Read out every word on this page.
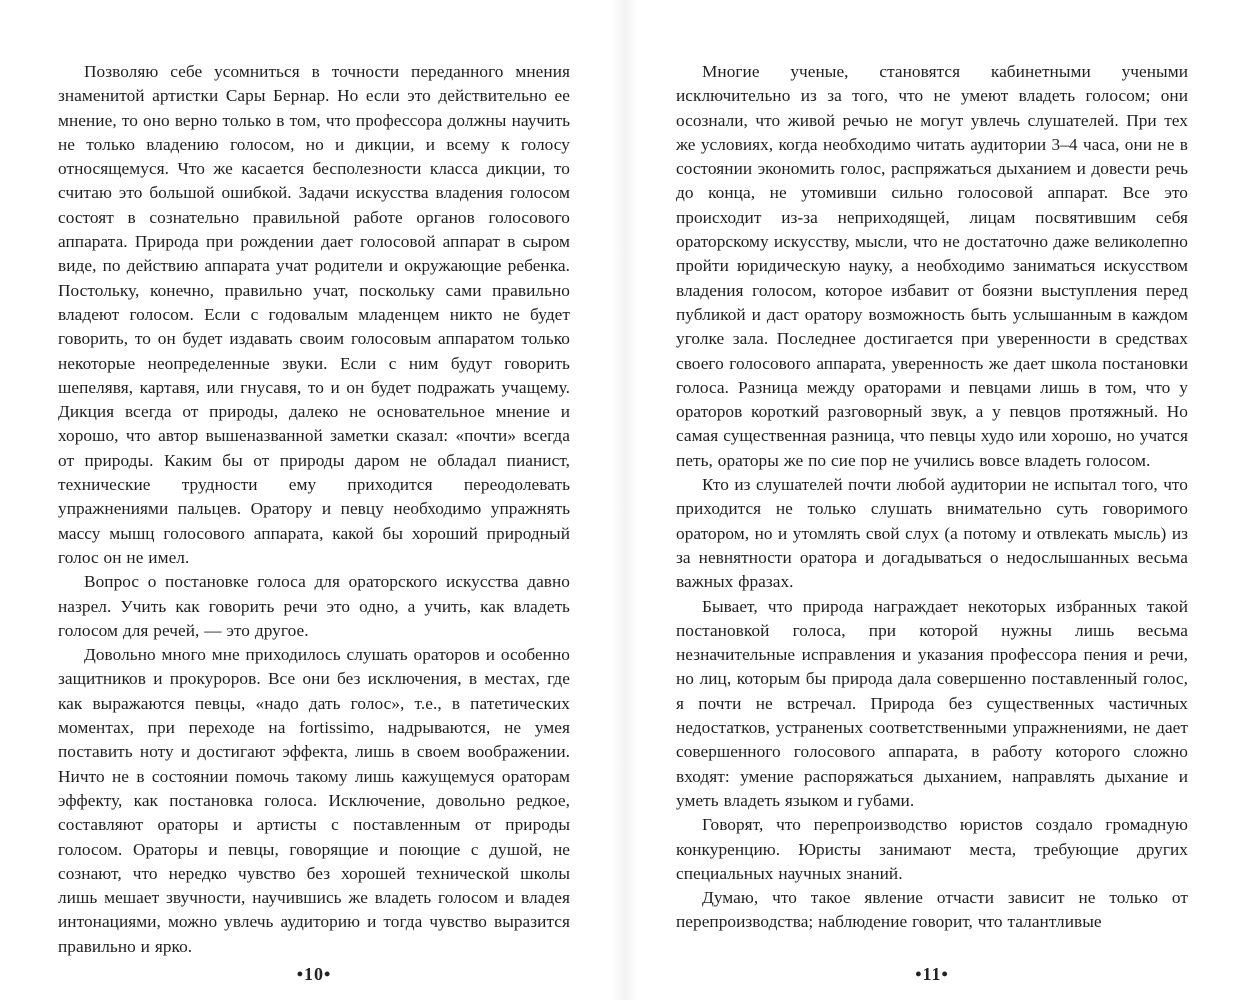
Позволяю себе усомниться в точности переданного мнения знаменитой артистки Сары Бернар. Но если это действительно ее мнение, то оно верно только в том, что профессора должны научить не только владению голосом, но и дикции, и всему к голосу относящемуся. Что же касается бесполезности класса дикции, то считаю это большой ошибкой. Задачи искусства владения голосом состоят в сознательно правильной работе органов голосового аппарата. Природа при рождении дает голосовой аппарат в сыром виде, по действию аппарата учат родители и окружающие ребенка. Постольку, конечно, правильно учат, поскольку сами правильно владеют голосом. Если с годовалым младенцем никто не будет говорить, то он будет издавать своим голосовым аппаратом только некоторые неопределенные звуки. Если с ним будут говорить шепелявя, картавя, или гнусавя, то и он будет подражать учащему. Дикция всегда от природы, далеко не основательное мнение и хорошо, что автор вышеназванной заметки сказал: «почти» всегда от природы. Каким бы от природы даром не обладал пианист, технические трудности ему приходится переодолевать упражнениями пальцев. Оратору и певцу необходимо упражнять массу мышц голосового аппарата, какой бы хороший природный голос он не имел.

Вопрос о постановке голоса для ораторского искусства давно назрел. Учить как говорить речи это одно, а учить, как владеть голосом для речей, — это другое.

Довольно много мне приходилось слушать ораторов и особенно защитников и прокуроров. Все они без исключения, в местах, где как выражаются певцы, «надо дать голос», т.е., в патетических моментах, при переходе на fortissimo, надрываются, не умея поставить ноту и достигают эффекта, лишь в своем воображении. Ничто не в состоянии помочь такому лишь кажущемуся ораторам эффекту, как постановка голоса. Исключение, довольно редкое, составляют ораторы и артисты с поставленным от природы голосом. Ораторы и певцы, говорящие и поющие с душой, не сознают, что нередко чувство без хорошей технической школы лишь мешает звучности, научившись же владеть голосом и владея интонациями, можно увлечь аудиторию и тогда чувство выразится правильно и ярко.

•10•

Многие ученые, становятся кабинетными учеными исключительно из за того, что не умеют владеть голосом; они осознали, что живой речью не могут увлечь слушателей. При тех же условиях, когда необходимо читать аудитории 3–4 часа, они не в состоянии экономить голос, распряжаться дыханием и довести речь до конца, не утомивши сильно голосовой аппарат. Все это происходит из-за неприходящей, лицам посвятившим себя ораторскому искусству, мысли, что не достаточно даже великолепно пройти юридическую науку, а необходимо заниматься искусством владения голосом, которое избавит от боязни выступления перед публикой и даст оратору возможность быть услышанным в каждом уголке зала. Последнее достигается при уверенности в средствах своего голосового аппарата, уверенность же дает школа постановки голоса. Разница между ораторами и певцами лишь в том, что у ораторов короткий разговорный звук, а у певцов протяжный. Но самая существенная разница, что певцы худо или хорошо, но учатся петь, ораторы же по сие пор не учились вовсе владеть голосом.

Кто из слушателей почти любой аудитории не испытал того, что приходится не только слушать внимательно суть говоримого оратором, но и утомлять свой слух (а потому и отвлекать мысль) из за невнятности оратора и догадываться о недослышанных весьма важных фразах.

Бывает, что природа награждает некоторых избранных такой постановкой голоса, при которой нужны лишь весьма незначительные исправления и указания профессора пения и речи, но лиц, которым бы природа дала совершенно поставленный голос, я почти не встречал. Природа без существенных частичных недостатков, устраненых соответственными упражнениями, не дает совершенного голосового аппарата, в работу которого сложно входят: умение распоряжаться дыханием, направлять дыхание и уметь владеть языком и губами.

Говорят, что перепроизводство юристов создало громадную конкуренцию. Юристы занимают места, требующие других специальных научных знаний.

Думаю, что такое явление отчасти зависит не только от перепроизводства; наблюдение говорит, что талантливые

•11•
